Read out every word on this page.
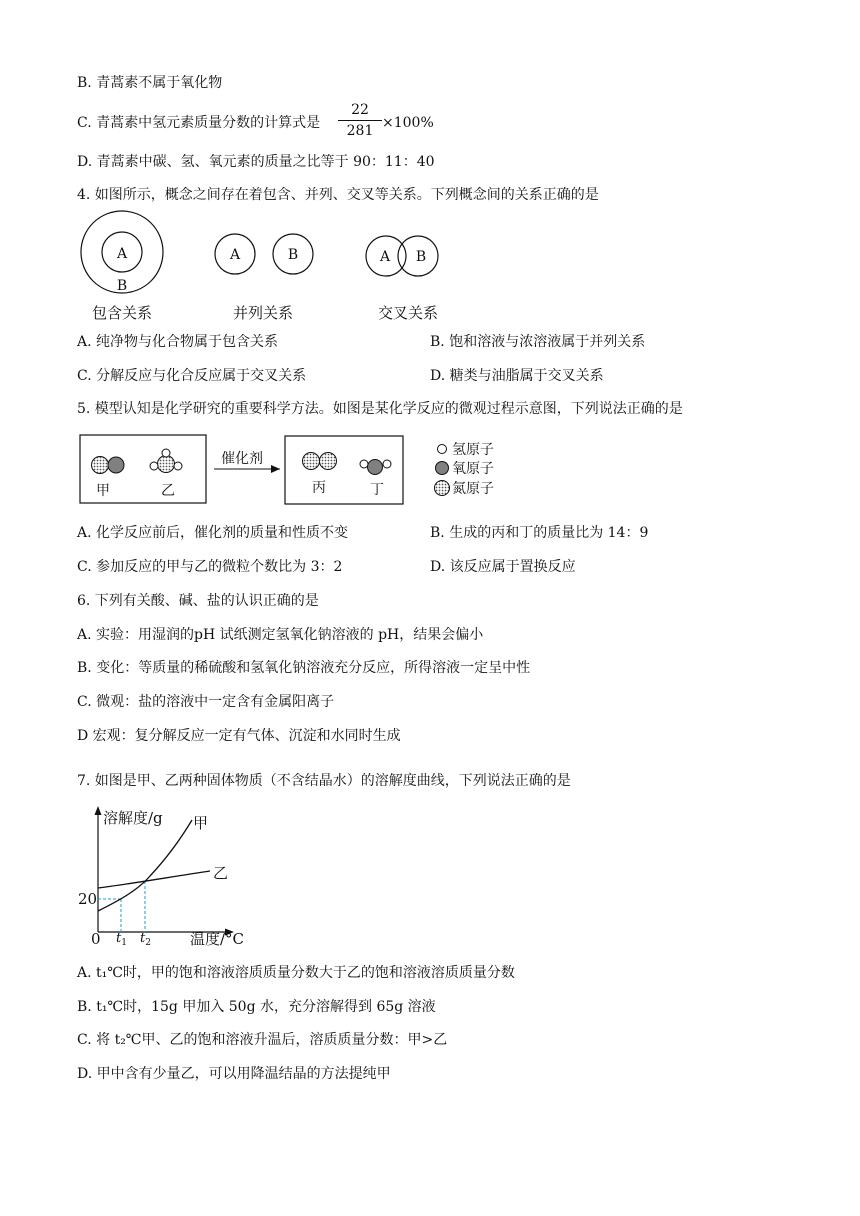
B. 青蒿素不属于氧化物
C. 青蒿素中氢元素质量分数的计算式是 $\frac{22}{281} \times 100\%$
D. 青蒿素中碳、氢、氧元素的质量之比等于 90：11：40
4. 如图所示，概念之间存在着包含、并列、交叉等关系。下列概念间的关系正确的是
A
B
包含关系
A	B
并列关系
A B
交叉关系
A. 纯净物与化合物属于包含关系	B. 饱和溶液与浓溶液属于并列关系
C. 分解反应与化合反应属于交叉关系	D. 糖类与油脂属于交叉关系
5. 模型认知是化学研究的重要科学方法。如图是某化学反应的微观过程示意图，下列说法正确的是
甲	乙
催化剂
丙	丁
氢原子
氧原子
氮原子
A. 化学反应前后，催化剂的质量和性质不变	B. 生成的丙和丁的质量比为 14：9
C. 参加反应的甲与乙的微粒个数比为 3：2	D. 该反应属于置换反应
6. 下列有关酸、碱、盐的认识正确的是
A. 实验：用湿润的pH 试纸测定氢氧化钠溶液的 pH，结果会偏小
B. 变化：等质量的稀硫酸和氢氧化钠溶液充分反应，所得溶液一定呈中性
C. 微观：盐的溶液中一定含有金属阳离子
D 宏观：复分解反应一定有气体、沉淀和水同时生成
7. 如图是甲、乙两种固体物质（不含结晶水）的溶解度曲线，下列说法正确的是
溶解度/g
温度/°C
0
20
甲
乙
$t_1$ $t_2$
A. t₁℃时，甲的饱和溶液溶质质量分数大于乙的饱和溶液溶质质量分数
B. t₁℃时，15g 甲加入 50g 水，充分溶解得到 65g 溶液
C. 将 t₂℃甲、乙的饱和溶液升温后，溶质质量分数：甲>乙
D. 甲中含有少量乙，可以用降温结晶的方法提纯甲
